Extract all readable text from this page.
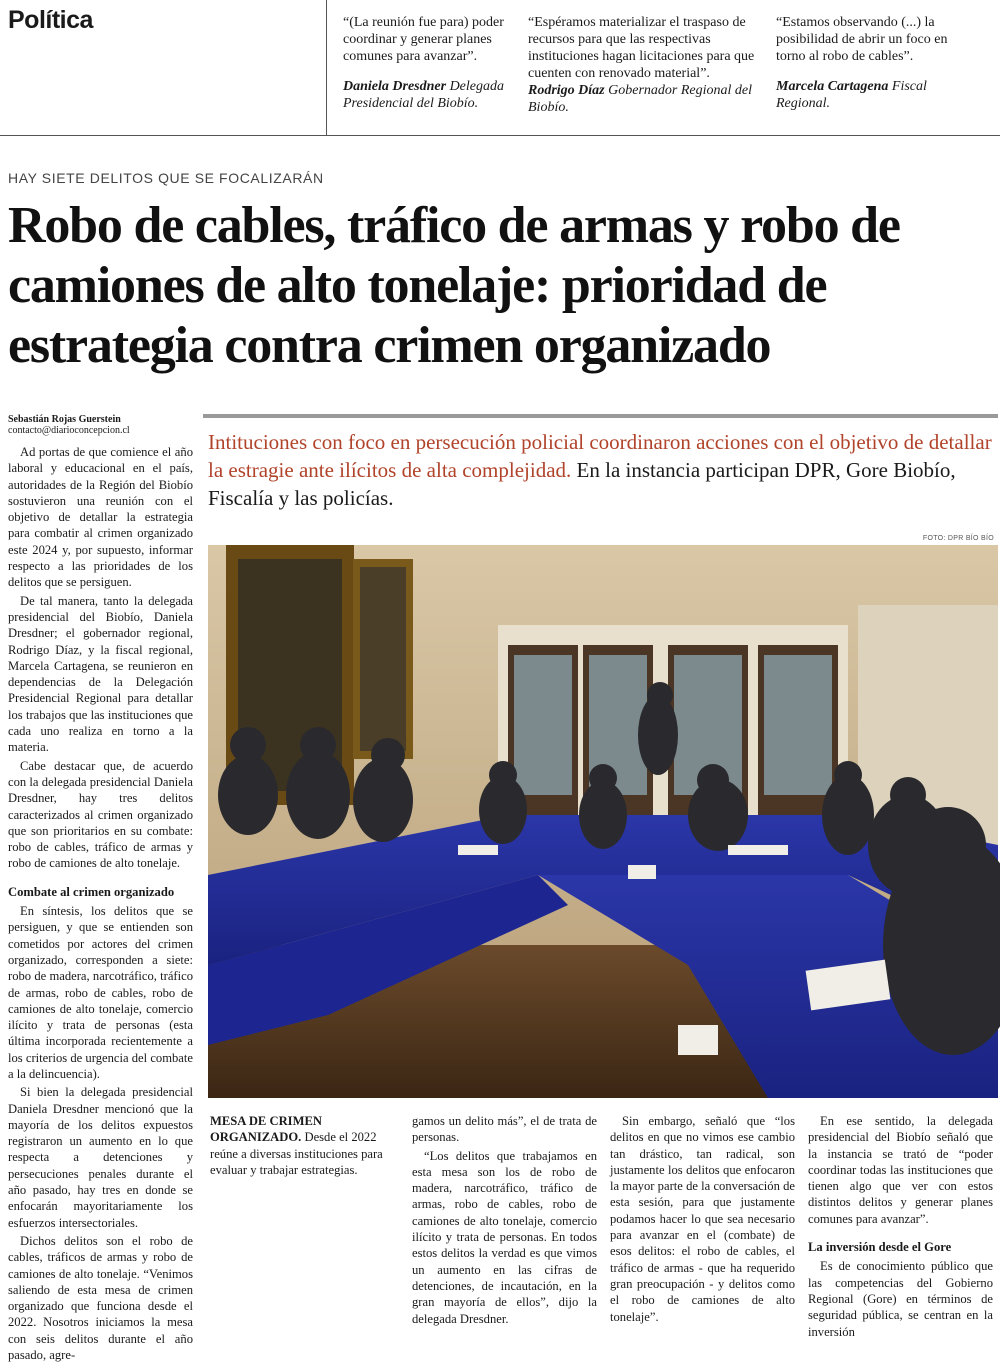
Política	“(La reunión fue para) poder coordinar y generar planes comunes para avanzar”.
Daniela Dresdner Delegada Presidencial del Biobío.
“Espéramos materializar el traspaso de recursos para que las respectivas instituciones hagan licitaciones para que cuenten con renovado material”.
Rodrigo Díaz Gobernador Regional del Biobío.
“Estamos observando (...) la posibilidad de abrir un foco en torno al robo de cables”.
Marcela Cartagena Fiscal Regional.
HAY SIETE DELITOS QUE SE FOCALIZARÁN
Robo de cables, tráfico de armas y robo de camiones de alto tonelaje: prioridad de estrategia contra crimen organizado
Sebastián Rojas Guerstein
contacto@diarioconcepcion.cl	Intituciones con foco en persecución policial coordinaron acciones con el objetivo de detallar la estragie ante ilícitos de alta complejidad. En la instancia participan DPR, Gore Biobío, Fiscalía y las policías.
FOTO: DPR BÍO BÍO
MESA DE CRIMEN ORGANIZADO. Desde el 2022 reúne a diversas instituciones para evaluar y trabajar estrategias.

Ad portas de que comience el año laboral y educacional en el país, autoridades de la Región del Biobío sostuvieron una reunión con el objetivo de detallar la estrategia para combatir al crimen organizado este 2024 y, por supuesto, informar respecto a las prioridades de los delitos que se persiguen.

De tal manera, tanto la delegada presidencial del Biobío, Daniela Dresdner; el gobernador regional, Rodrigo Díaz, y la fiscal regional, Marcela Cartagena, se reunieron en dependencias de la Delegación Presidencial Regional para detallar los trabajos que las instituciones que cada uno realiza en torno a la materia.

Cabe destacar que, de acuerdo con la delegada presidencial Daniela Dresdner, hay tres delitos caracterizados al crimen organizado que son prioritarios en su combate: robo de cables, tráfico de armas y robo de camiones de alto tonelaje.

Combate al crimen organizado

En síntesis, los delitos que se persiguen, y que se entienden son cometidos por actores del crimen organizado, corresponden a siete: robo de madera, narcotráfico, tráfico de armas, robo de cables, robo de camiones de alto tonelaje, comercio ilícito y trata de personas (esta última incorporada recientemente a los criterios de urgencia del combate a la delincuencia).

Si bien la delegada presidencial Daniela Dresdner mencionó que la mayoría de los delitos expuestos registraron un aumento en lo que respecta a detenciones y persecuciones penales durante el año pasado, hay tres en donde se enfocarán mayoritariamente los esfuerzos intersectoriales.

Dichos delitos son el robo de cables, tráficos de armas y robo de camiones de alto tonelaje. “Venimos saliendo de esta mesa de crimen organizado que funciona desde el 2022. Nosotros iniciamos la mesa con seis delitos durante el año pasado, agre-

gamos un delito más”, el de trata de personas.

“Los delitos que trabajamos en esta mesa son los de robo de madera, narcotráfico, tráfico de armas, robo de cables, robo de camiones de alto tonelaje, comercio ilícito y trata de personas. En todos estos delitos la verdad es que vimos un aumento en las cifras de detenciones, de incautación, en la gran mayoría de ellos”, dijo la delegada Dresdner.

Sin embargo, señaló que “los delitos en que no vimos ese cambio tan drástico, tan radical, son justamente los delitos que enfocaron la mayor parte de la conversación de esta sesión, para que justamente podamos hacer lo que sea necesario para avanzar en el (combate) de esos delitos: el robo de cables, el tráfico de armas - que ha requerido gran preocupación - y delitos como el robo de camiones de alto tonelaje”.

En ese sentido, la delegada presidencial del Biobío señaló que la instancia se trató de “poder coordinar todas las instituciones que tienen algo que ver con estos distintos delitos y generar planes comunes para avanzar”.

La inversión desde el Gore

Es de conocimiento público que las competencias del Gobierno Regional (Gore) en términos de seguridad pública, se centran en la inversión
